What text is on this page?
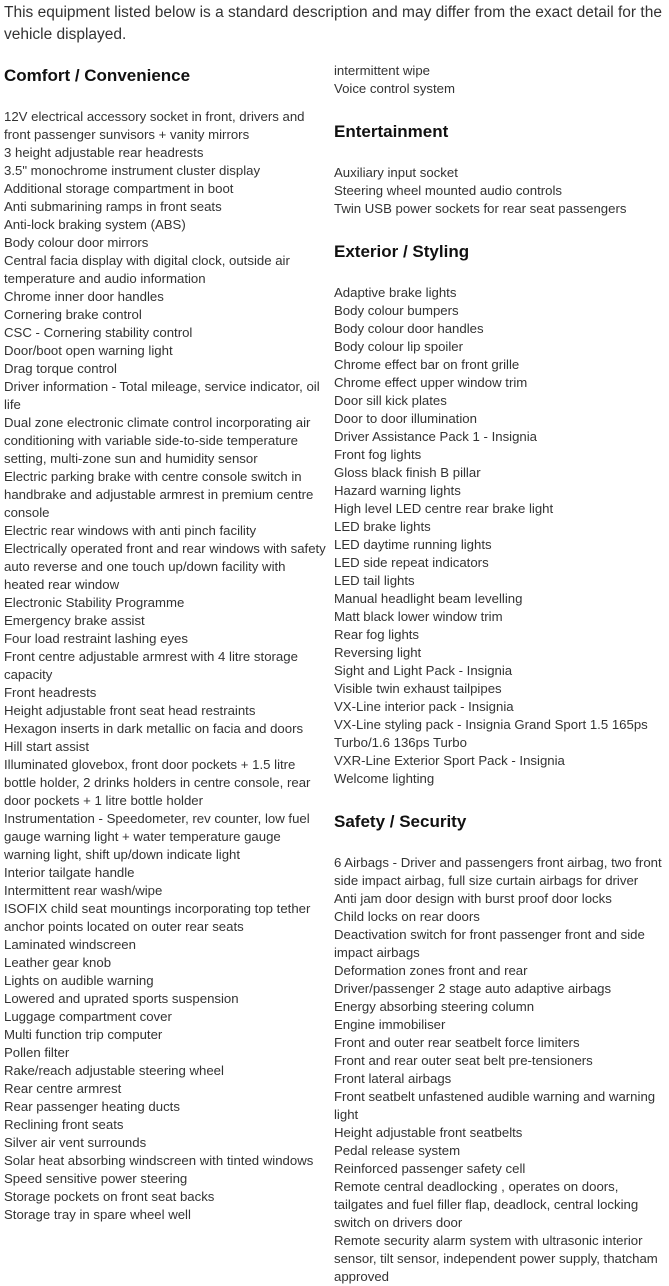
This equipment listed below is a standard description and may differ from the exact detail for the vehicle displayed.

Comfort / Convenience
12V electrical accessory socket in front, drivers and front passenger sunvisors + vanity mirrors
3 height adjustable rear headrests
3.5" monochrome instrument cluster display
Additional storage compartment in boot
Anti submarining ramps in front seats
Anti-lock braking system (ABS)
Body colour door mirrors
Central facia display with digital clock, outside air temperature and audio information
Chrome inner door handles
Cornering brake control
CSC - Cornering stability control
Door/boot open warning light
Drag torque control
Driver information - Total mileage, service indicator, oil life
Dual zone electronic climate control incorporating air conditioning with variable side-to-side temperature setting, multi-zone sun and humidity sensor
Electric parking brake with centre console switch in handbrake and adjustable armrest in premium centre console
Electric rear windows with anti pinch facility
Electrically operated front and rear windows with safety auto reverse and one touch up/down facility with heated rear window
Electronic Stability Programme
Emergency brake assist
Four load restraint lashing eyes
Front centre adjustable armrest with 4 litre storage capacity
Front headrests
Height adjustable front seat head restraints
Hexagon inserts in dark metallic on facia and doors
Hill start assist
Illuminated glovebox, front door pockets + 1.5 litre bottle holder, 2 drinks holders in centre console, rear door pockets + 1 litre bottle holder
Instrumentation - Speedometer, rev counter, low fuel gauge warning light + water temperature gauge warning light, shift up/down indicate light
Interior tailgate handle
Intermittent rear wash/wipe
ISOFIX child seat mountings incorporating top tether anchor points located on outer rear seats
Laminated windscreen
Leather gear knob
Lights on audible warning
Lowered and uprated sports suspension
Luggage compartment cover
Multi function trip computer
Pollen filter
Rake/reach adjustable steering wheel
Rear centre armrest
Rear passenger heating ducts
Reclining front seats
Silver air vent surrounds
Solar heat absorbing windscreen with tinted windows
Speed sensitive power steering
Storage pockets on front seat backs
Storage tray in spare wheel well
intermittent wipe
Voice control system
Entertainment
Auxiliary input socket
Steering wheel mounted audio controls
Twin USB power sockets for rear seat passengers
Exterior / Styling
Adaptive brake lights
Body colour bumpers
Body colour door handles
Body colour lip spoiler
Chrome effect bar on front grille
Chrome effect upper window trim
Door sill kick plates
Door to door illumination
Driver Assistance Pack 1 - Insignia
Front fog lights
Gloss black finish B pillar
Hazard warning lights
High level LED centre rear brake light
LED brake lights
LED daytime running lights
LED side repeat indicators
LED tail lights
Manual headlight beam levelling
Matt black lower window trim
Rear fog lights
Reversing light
Sight and Light Pack - Insignia
Visible twin exhaust tailpipes
VX-Line interior pack - Insignia
VX-Line styling pack - Insignia Grand Sport 1.5 165ps Turbo/1.6 136ps Turbo
VXR-Line Exterior Sport Pack - Insignia
Welcome lighting
Safety / Security
6 Airbags - Driver and passengers front airbag, two front side impact airbag, full size curtain airbags for driver
Anti jam door design with burst proof door locks
Child locks on rear doors
Deactivation switch for front passenger front and side impact airbags
Deformation zones front and rear
Driver/passenger 2 stage auto adaptive airbags
Energy absorbing steering column
Engine immobiliser
Front and outer rear seatbelt force limiters
Front and rear outer seat belt pre-tensioners
Front lateral airbags
Front seatbelt unfastened audible warning and warning light
Height adjustable front seatbelts
Pedal release system
Reinforced passenger safety cell
Remote central deadlocking , operates on doors, tailgates and fuel filler flap, deadlock, central locking switch on drivers door
Remote security alarm system with ultrasonic interior sensor, tilt sensor, independent power supply, thatcham approved
